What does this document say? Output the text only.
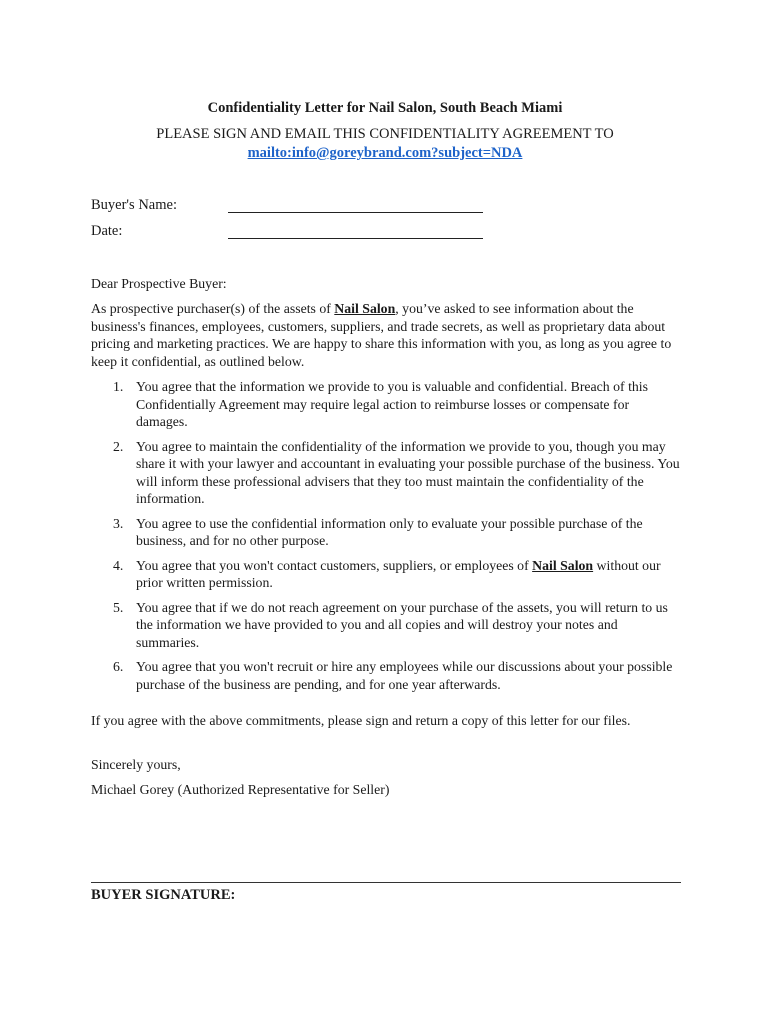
Confidentiality Letter for Nail Salon, South Beach Miami
PLEASE SIGN AND EMAIL THIS CONFIDENTIALITY AGREEMENT TO
mailto:info@goreybrand.com?subject=NDA
Buyer's Name:
Date:
Dear Prospective Buyer:
As prospective purchaser(s) of the assets of Nail Salon, you’ve asked to see information about the business's finances, employees, customers, suppliers, and trade secrets, as well as proprietary data about pricing and marketing practices. We are happy to share this information with you, as long as you agree to keep it confidential, as outlined below.
1. You agree that the information we provide to you is valuable and confidential. Breach of this Confidentially Agreement may require legal action to reimburse losses or compensate for damages.
2. You agree to maintain the confidentiality of the information we provide to you, though you may share it with your lawyer and accountant in evaluating your possible purchase of the business. You will inform these professional advisers that they too must maintain the confidentiality of the information.
3. You agree to use the confidential information only to evaluate your possible purchase of the business, and for no other purpose.
4. You agree that you won't contact customers, suppliers, or employees of Nail Salon without our prior written permission.
5. You agree that if we do not reach agreement on your purchase of the assets, you will return to us the information we have provided to you and all copies and will destroy your notes and summaries.
6. You agree that you won't recruit or hire any employees while our discussions about your possible purchase of the business are pending, and for one year afterwards.
If you agree with the above commitments, please sign and return a copy of this letter for our files.
Sincerely yours,
Michael Gorey (Authorized Representative for Seller)
BUYER SIGNATURE:
